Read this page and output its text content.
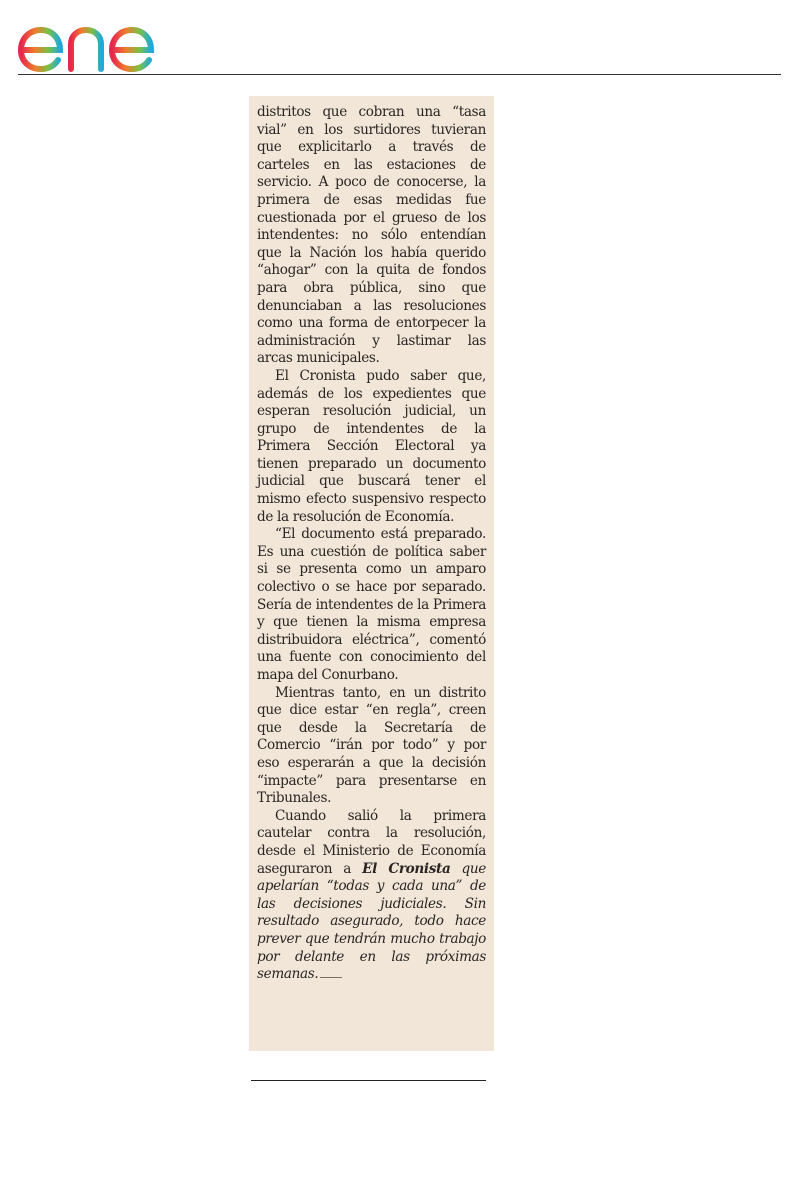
distritos que cobran una “tasa vial” en los surtidores tuvieran que explicitarlo a través de carteles en las estaciones de servicio. A poco de conocerse, la primera de esas medidas fue cuestionada por el grueso de los intendentes: no sólo entendían que la Nación los había querido “ahogar” con la quita de fondos para obra pública, sino que denunciaban a las resoluciones como una forma de entorpecer la administración y lastimar las arcas municipales.

El Cronista pudo saber que, además de los expedientes que esperan resolución judicial, un grupo de intendentes de la Primera Sección Electoral ya tienen preparado un documento judicial que buscará tener el mismo efecto suspensivo respecto de la resolución de Economía.

“El documento está preparado. Es una cuestión de política saber si se presenta como un amparo colectivo o se hace por separado. Sería de intendentes de la Primera y que tienen la misma empresa distribuidora eléctrica”, comentó una fuente con conocimiento del mapa del Conurbano.

Mientras tanto, en un distrito que dice estar “en regla”, creen que desde la Secretaría de Comercio “irán por todo” y por eso esperarán a que la decisión “impacte” para presentarse en Tribunales.

Cuando salió la primera cautelar contra la resolución, desde el Ministerio de Economía aseguraron a El Cronista que apelarían “todas y cada una” de las decisiones judiciales. Sin resultado asegurado, todo hace prever que tendrán mucho trabajo por delante en las próximas semanas.
